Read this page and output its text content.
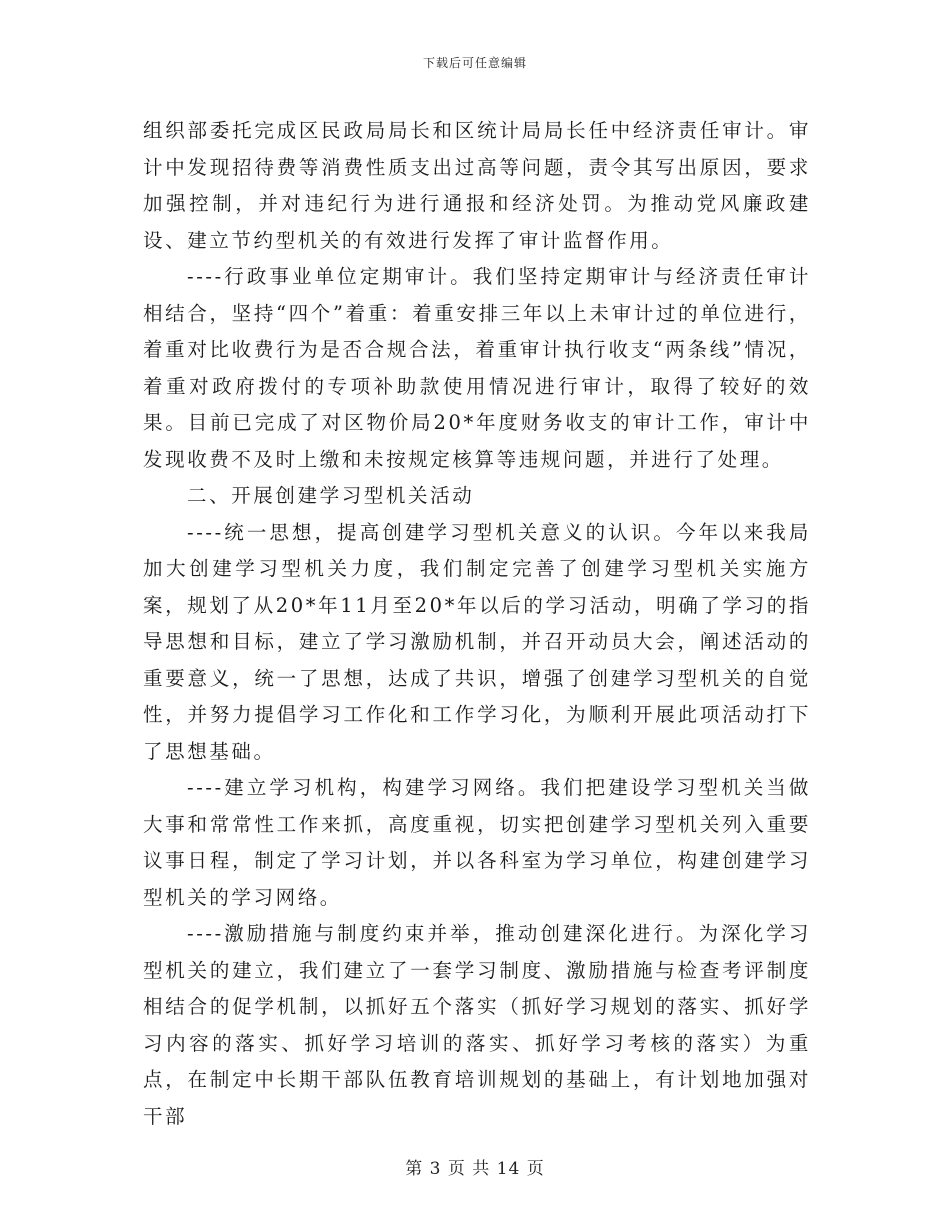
下载后可任意编辑

组织部委托完成区民政局局长和区统计局局长任中经济责任审计。审计中发现招待费等消费性质支出过高等问题，责令其写出原因，要求加强控制，并对违纪行为进行通报和经济处罚。为推动党风廉政建设、建立节约型机关的有效进行发挥了审计监督作用。

----行政事业单位定期审计。我们坚持定期审计与经济责任审计相结合，坚持“四个”着重：着重安排三年以上未审计过的单位进行，着重对比收费行为是否合规合法，着重审计执行收支“两条线”情况，着重对政府拨付的专项补助款使用情况进行审计，取得了较好的效果。目前已完成了对区物价局20*年度财务收支的审计工作，审计中发现收费不及时上缴和未按规定核算等违规问题，并进行了处理。

二、开展创建学习型机关活动

----统一思想，提高创建学习型机关意义的认识。今年以来我局加大创建学习型机关力度，我们制定完善了创建学习型机关实施方案，规划了从20*年11月至20*年以后的学习活动，明确了学习的指导思想和目标，建立了学习激励机制，并召开动员大会，阐述活动的重要意义，统一了思想，达成了共识，增强了创建学习型机关的自觉性，并努力提倡学习工作化和工作学习化，为顺利开展此项活动打下了思想基础。

----建立学习机构，构建学习网络。我们把建设学习型机关当做大事和常常性工作来抓，高度重视，切实把创建学习型机关列入重要议事日程，制定了学习计划，并以各科室为学习单位，构建创建学习型机关的学习网络。

----激励措施与制度约束并举，推动创建深化进行。为深化学习型机关的建立，我们建立了一套学习制度、激励措施与检查考评制度相结合的促学机制，以抓好五个落实（抓好学习规划的落实、抓好学习内容的落实、抓好学习培训的落实、抓好学习考核的落实）为重点，在制定中长期干部队伍教育培训规划的基础上，有计划地加强对干部

第 3 页 共 14 页
